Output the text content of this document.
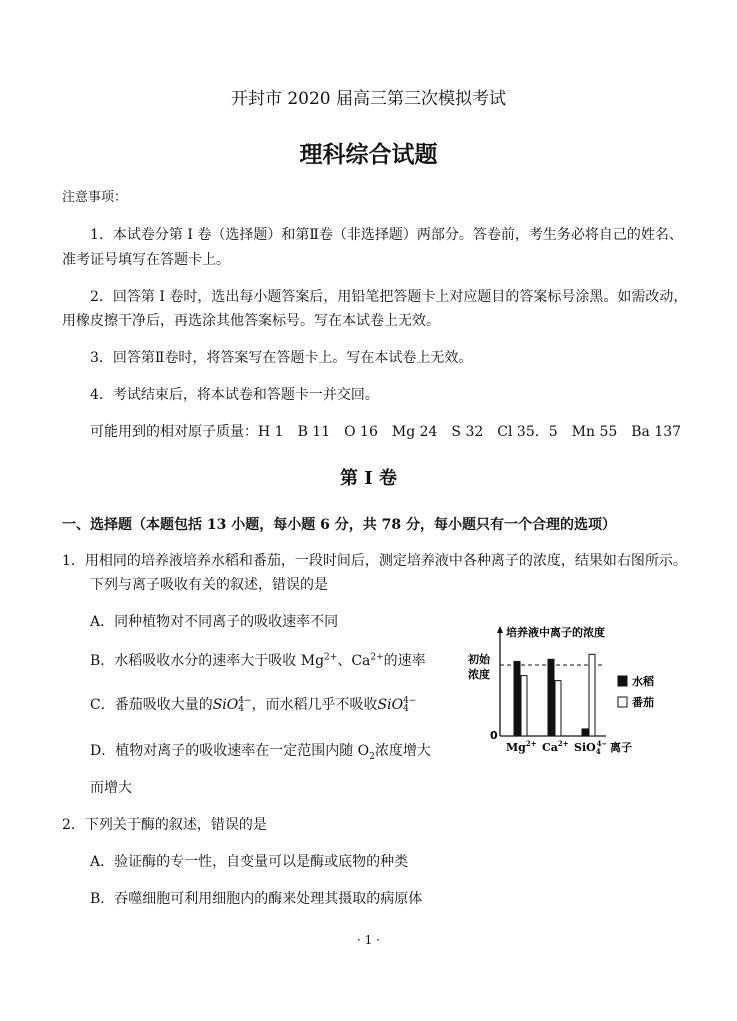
开封市 2020 届高三第三次模拟考试
理科综合试题
注意事项：
1．本试卷分第 I 卷（选择题）和第Ⅱ卷（非选择题）两部分。答卷前，考生务必将自己的姓名、
准考证号填写在答题卡上。
2．回答第 I 卷时，选出每小题答案后，用铅笔把答题卡上对应题目的答案标号涂黑。如需改动，
用橡皮擦干净后，再选涂其他答案标号。写在本试卷上无效。
3．回答第Ⅱ卷时，将答案写在答题卡上。写在本试卷上无效。
4．考试结束后，将本试卷和答题卡一并交回。
可能用到的相对原子质量：H 1　B 11　O 16　Mg 24　S 32　Cl 35．5　Mn 55　Ba 137
第 I 卷
一、选择题（本题包括 13 小题，每小题 6 分，共 78 分，每小题只有一个合理的选项）
1．用相同的培养液培养水稻和番茄，一段时间后，测定培养液中各种离子的浓度，结果如右图所示。
下列与离子吸收有关的叙述，错误的是
A．同种植物对不同离子的吸收速率不同
B．水稻吸收水分的速率大于吸收 $Mg^{2+}$、$Ca^{2+}$的速率
C．番茄吸收大量的SiO 4−
4 ，而水稻几乎不吸收SiO 4−
4
D．植物对离子的吸收速率在一定范围内随 $O_2$浓度增大
而增大
2．下列关于酶的叙述，错误的是
A．验证酶的专一性，自变量可以是酶或底物的种类
B．吞噬细胞可利用细胞内的酶来处理其摄取的病原体
培养液中离子的浓度
初始
浓度
0
$Mg^{2+}$ $Ca^{2+}$ SiO$_4$4− 离子
水稻
番茄
· 1 ·
